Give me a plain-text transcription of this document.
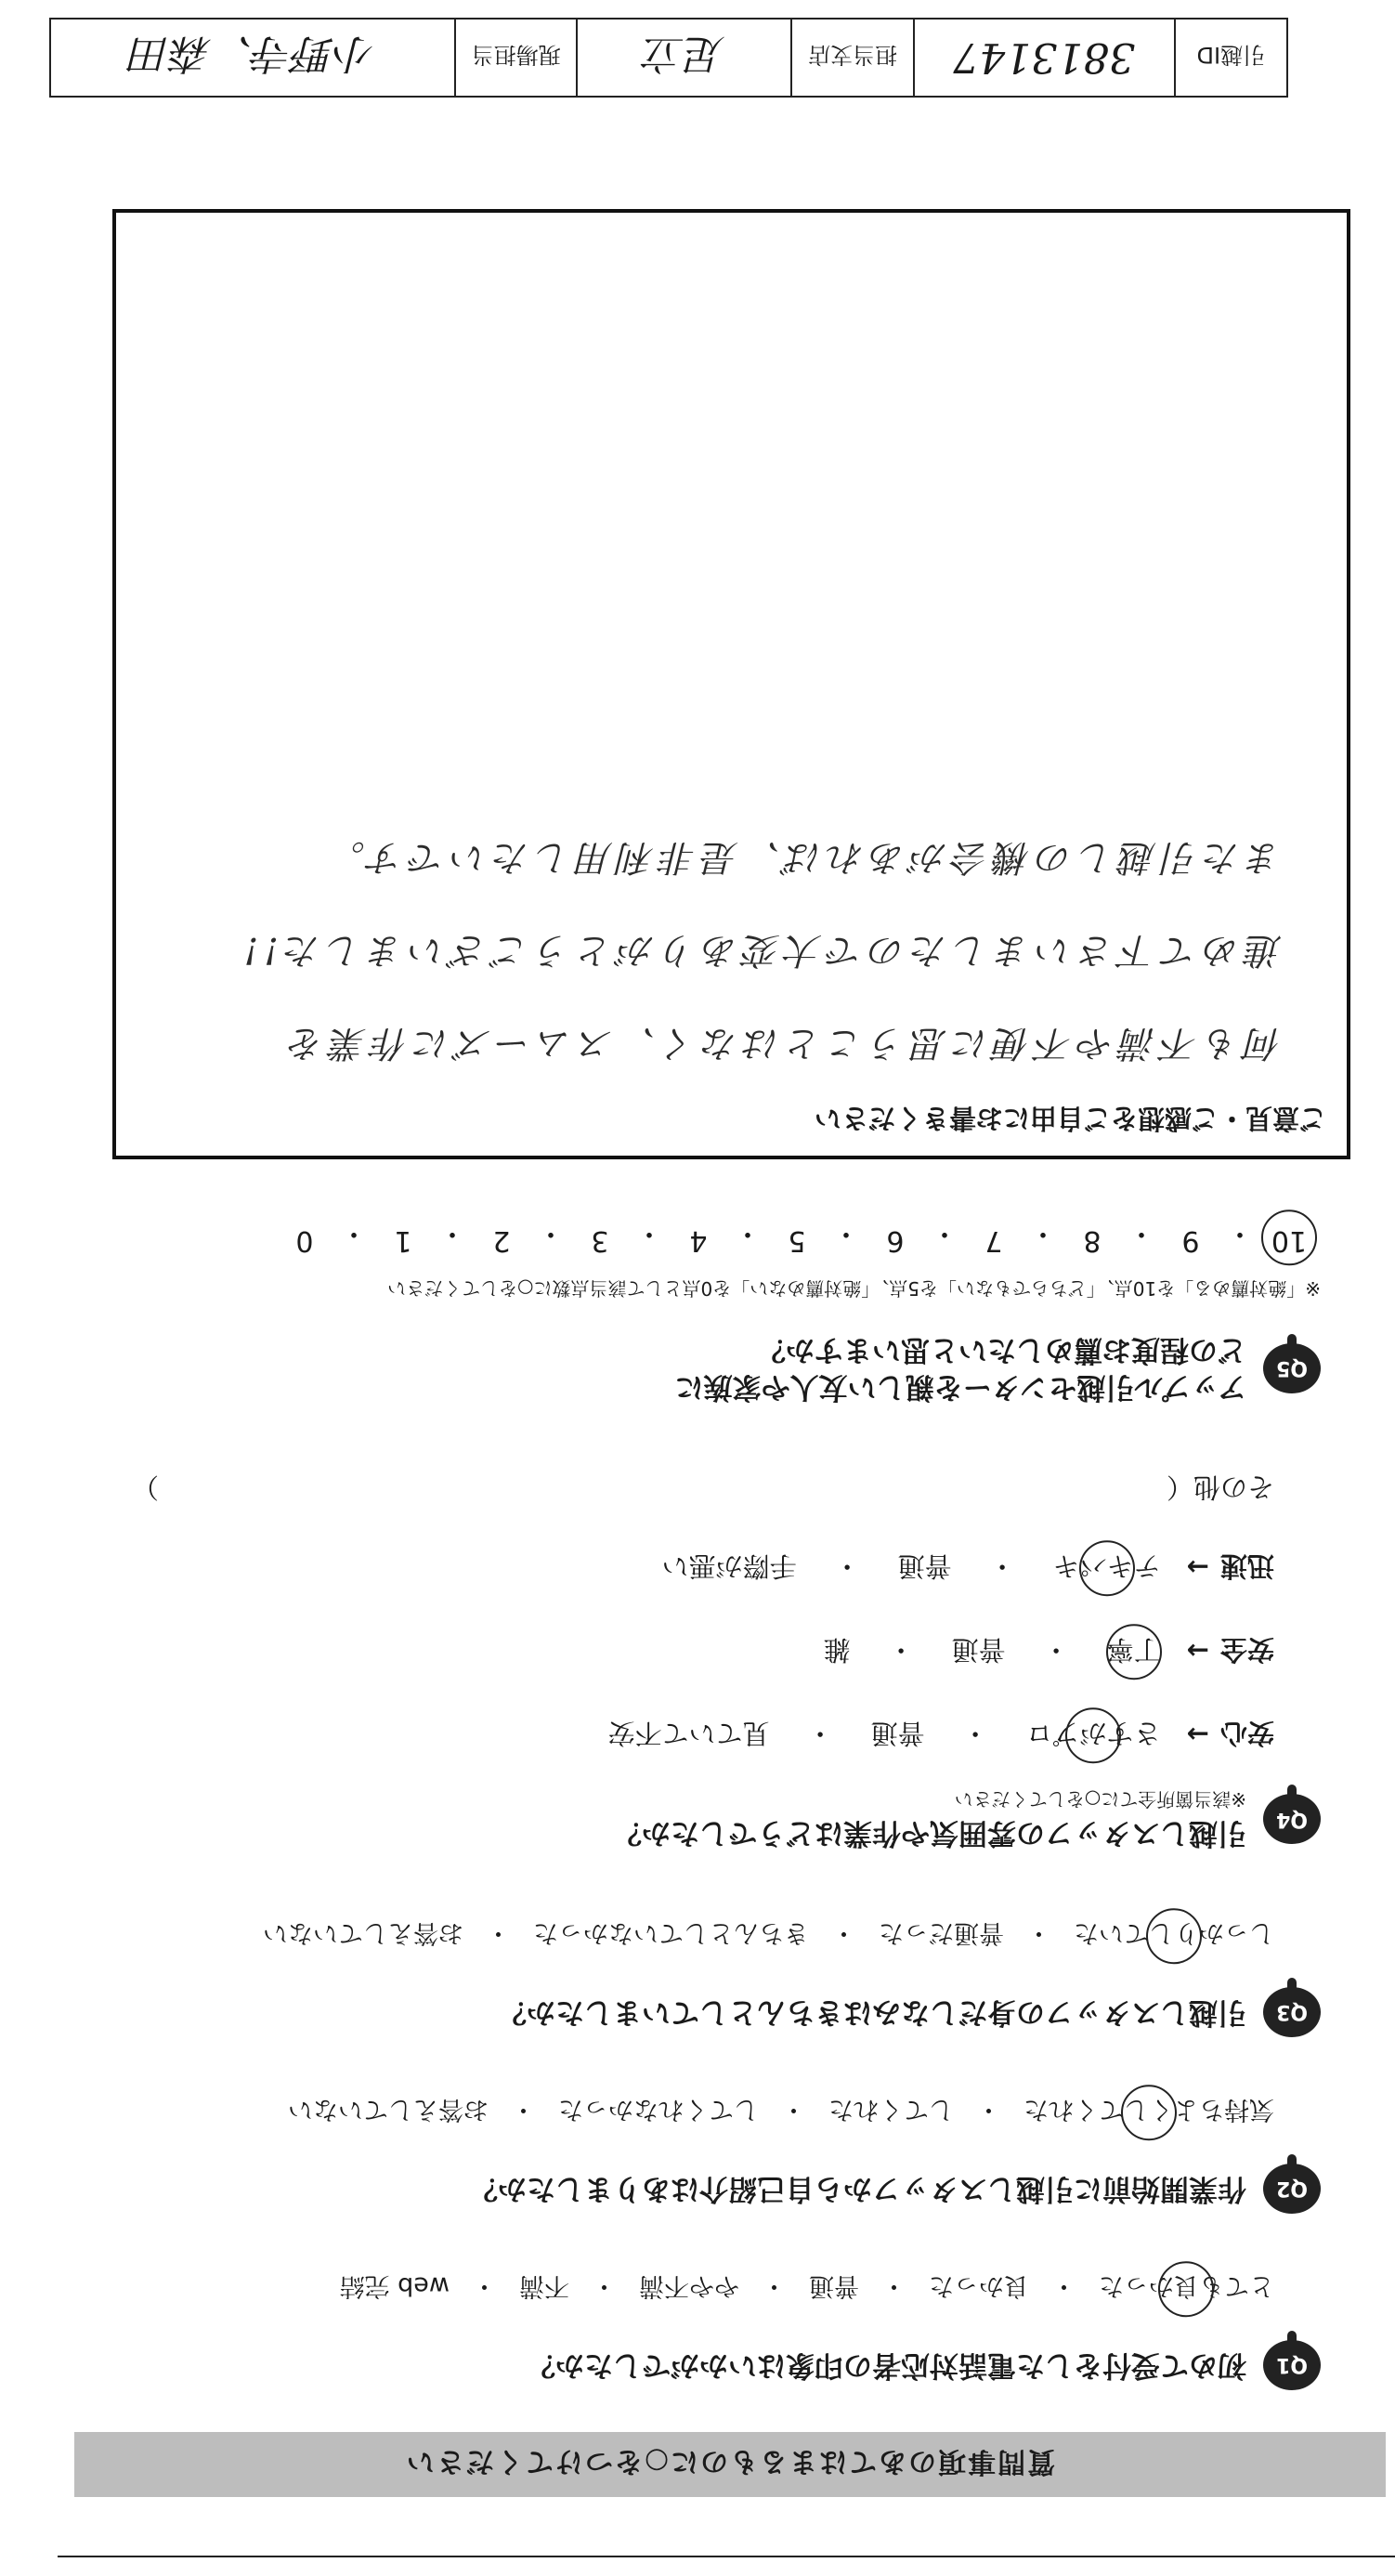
質問事項のあてはまるものに○をつけてください
Q1
初めて受付をした電話対応者の印象はいかがでしたか？
とても良かった
・
良かった
・
普通
・
やや不満
・
不満
・
web 完結
Q2
作業開始前に引越しスタッフから自己紹介はありましたか？
気持ちよくしてくれた
・
してくれた
・
してくれなかった
・
お答えしていない
Q3
引越しスタッフの身だしなみはきちんとしていましたか？
しっかりしていた
・
普通だった
・
きちんとしていなかった
・
お答えしていない
Q4
引越しスタッフの雰囲気や作業はどうでしたか？
※該当箇所全てに○をしてください
安心
→
さすがプロ
・
普通
・
見ていて不安
安全
→
丁寧
・
普通
・
雑
迅速
→
テキパキ
・
普通
・
手際が悪い
その他（
）
Q5
アップル引越センターを親しい友人や家族に
どの程度お薦めしたいと思いますか？
※「絶対薦める」を10点、「どちらでもない」を5点、「絶対薦めない」を0点として該当点数に○をしてください
10
・
9
・
8
・
7
・
6
・
5
・
4
・
3
・
2
・
1
・
0
ご意見・ご感想をご自由にお書きください
何も不満や不便に思うことはなく、スムーズに作業を
進めて下さいましたので大変ありがとうございました!!
また引越しの機会があれば、是非利用したいです。
引越ID
3813147
担当支店
足立
現場担当
小野寺、森田
